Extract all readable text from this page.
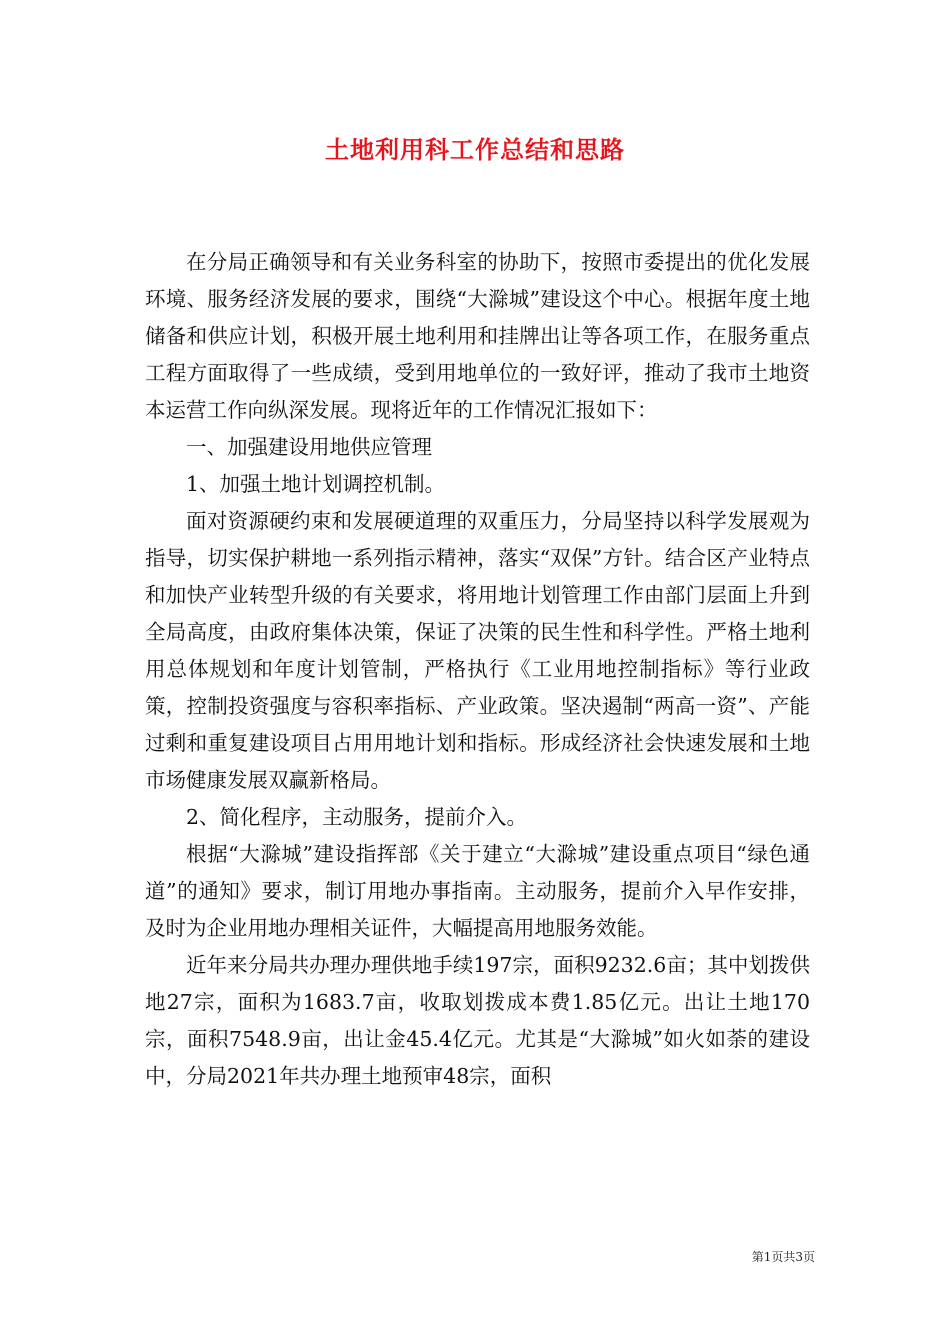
土地利用科工作总结和思路

在分局正确领导和有关业务科室的协助下，按照市委提出的优化发展环境、服务经济发展的要求，围绕“大滁城”建设这个中心。根据年度土地储备和供应计划，积极开展土地利用和挂牌出让等各项工作，在服务重点工程方面取得了一些成绩，受到用地单位的一致好评，推动了我市土地资本运营工作向纵深发展。现将近年的工作情况汇报如下：

一、加强建设用地供应管理

1、加强土地计划调控机制。

面对资源硬约束和发展硬道理的双重压力，分局坚持以科学发展观为指导，切实保护耕地一系列指示精神，落实“双保”方针。结合区产业特点和加快产业转型升级的有关要求，将用地计划管理工作由部门层面上升到全局高度，由政府集体决策，保证了决策的民生性和科学性。严格土地利用总体规划和年度计划管制，严格执行《工业用地控制指标》等行业政策，控制投资强度与容积率指标、产业政策。坚决遏制“两高一资”、产能过剩和重复建设项目占用用地计划和指标。形成经济社会快速发展和土地市场健康发展双赢新格局。

2、简化程序，主动服务，提前介入。

根据“大滁城”建设指挥部《关于建立“大滁城”建设重点项目“绿色通道”的通知》要求，制订用地办事指南。主动服务，提前介入早作安排，及时为企业用地办理相关证件，大幅提高用地服务效能。

近年来分局共办理办理供地手续197宗，面积9232.6亩；其中划拨供地27宗，面积为1683.7亩，收取划拨成本费1.85亿元。出让土地170宗，面积7548.9亩，出让金45.4亿元。尤其是“大滁城”如火如荼的建设中，分局2021年共办理土地预审48宗，面积

第1页共3页
